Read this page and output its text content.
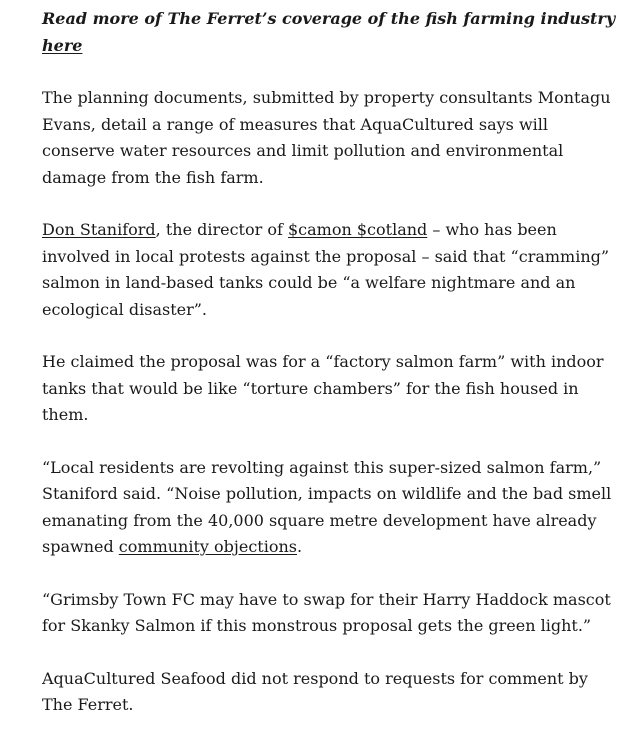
Read more of The Ferret’s coverage of the fish farming industry here

The planning documents, submitted by property consultants Montagu Evans, detail a range of measures that AquaCultured says will conserve water resources and limit pollution and environmental damage from the fish farm.

Don Staniford, the director of $camon $cotland – who has been involved in local protests against the proposal – said that “cramming” salmon in land-based tanks could be “a welfare nightmare and an ecological disaster”.

He claimed the proposal was for a “factory salmon farm” with indoor tanks that would be like “torture chambers” for the fish housed in them.

“Local residents are revolting against this super-sized salmon farm,” Staniford said. “Noise pollution, impacts on wildlife and the bad smell emanating from the 40,000 square metre development have already spawned community objections.

“Grimsby Town FC may have to swap for their Harry Haddock mascot for Skanky Salmon if this monstrous proposal gets the green light.”

AquaCultured Seafood did not respond to requests for comment by The Ferret.
